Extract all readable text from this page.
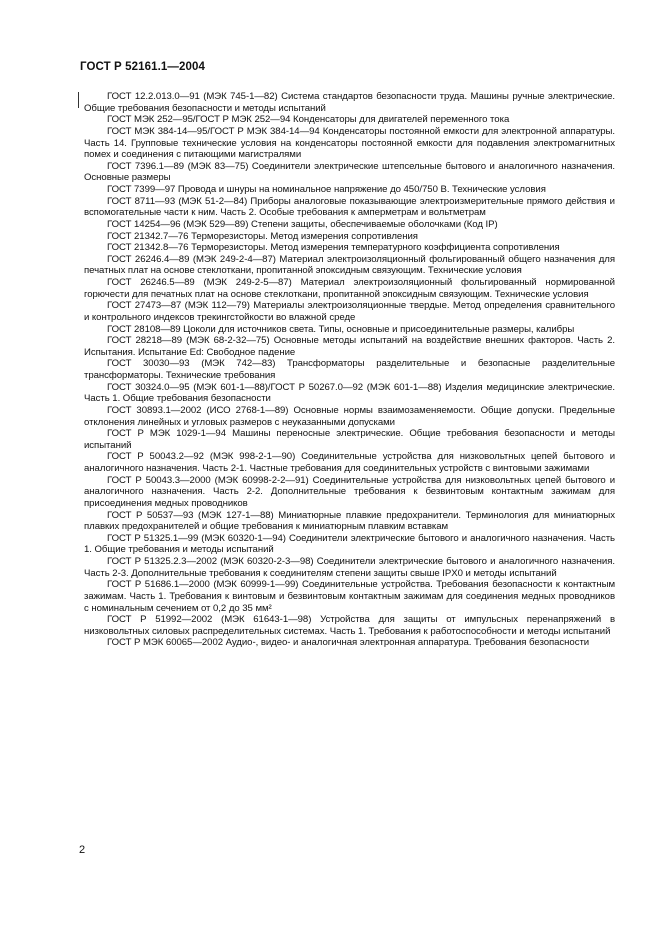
ГОСТ Р 52161.1—2004

ГОСТ 12.2.013.0—91 (МЭК 745-1—82) Система стандартов безопасности труда. Машины ручные электрические. Общие требования безопасности и методы испытаний

ГОСТ МЭК 252—95/ГОСТ Р МЭК 252—94 Конденсаторы для двигателей переменного тока

ГОСТ МЭК 384-14—95/ГОСТ Р МЭК 384-14—94 Конденсаторы постоянной емкости для электронной аппаратуры. Часть 14. Групповые технические условия на конденсаторы постоянной емкости для подавления электромагнитных помех и соединения с питающими магистралями

ГОСТ 7396.1—89 (МЭК 83—75) Соединители электрические штепсельные бытового и аналогичного назначения. Основные размеры

ГОСТ 7399—97 Провода и шнуры на номинальное напряжение до 450/750 В. Технические условия

ГОСТ 8711—93 (МЭК 51-2—84) Приборы аналоговые показывающие электроизмерительные прямого действия и вспомогательные части к ним. Часть 2. Особые требования к амперметрам и вольтметрам

ГОСТ 14254—96 (МЭК 529—89) Степени защиты, обеспечиваемые оболочками (Код IP)

ГОСТ 21342.7—76 Терморезисторы. Метод измерения сопротивления

ГОСТ 21342.8—76 Терморезисторы. Метод измерения температурного коэффициента сопротивления

ГОСТ 26246.4—89 (МЭК 249-2-4—87) Материал электроизоляционный фольгированный общего назначения для печатных плат на основе стеклоткани, пропитанной эпоксидным связующим. Технические условия

ГОСТ 26246.5—89 (МЭК 249-2-5—87) Материал электроизоляционный фольгированный нормированной горючести для печатных плат на основе стеклоткани, пропитанной эпоксидным связующим. Технические условия

ГОСТ 27473—87 (МЭК 112—79) Материалы электроизоляционные твердые. Метод определения сравнительного и контрольного индексов трекингстойкости во влажной среде

ГОСТ 28108—89 Цоколи для источников света. Типы, основные и присоединительные размеры, калибры

ГОСТ 28218—89 (МЭК 68-2-32—75) Основные методы испытаний на воздействие внешних факторов. Часть 2. Испытания. Испытание Ed: Свободное падение

ГОСТ 30030—93 (МЭК 742—83) Трансформаторы разделительные и безопасные разделительные трансформаторы. Технические требования

ГОСТ 30324.0—95 (МЭК 601-1—88)/ГОСТ Р 50267.0—92 (МЭК 601-1—88) Изделия медицинские электрические. Часть 1. Общие требования безопасности

ГОСТ 30893.1—2002 (ИСО 2768-1—89) Основные нормы взаимозаменяемости. Общие допуски. Предельные отклонения линейных и угловых размеров с неуказанными допусками

ГОСТ Р МЭК 1029-1—94 Машины переносные электрические. Общие требования безопасности и методы испытаний

ГОСТ Р 50043.2—92 (МЭК 998-2-1—90) Соединительные устройства для низковольтных цепей бытового и аналогичного назначения. Часть 2-1. Частные требования для соединительных устройств с винтовыми зажимами

ГОСТ Р 50043.3—2000 (МЭК 60998-2-2—91) Соединительные устройства для низковольтных цепей бытового и аналогичного назначения. Часть 2-2. Дополнительные требования к безвинтовым контактным зажимам для присоединения медных проводников

ГОСТ Р 50537—93 (МЭК 127-1—88) Миниатюрные плавкие предохранители. Терминология для миниатюрных плавких предохранителей и общие требования к миниатюрным плавким вставкам

ГОСТ Р 51325.1—99 (МЭК 60320-1—94) Соединители электрические бытового и аналогичного назначения. Часть 1. Общие требования и методы испытаний

ГОСТ Р 51325.2.3—2002 (МЭК 60320-2-3—98) Соединители электрические бытового и аналогичного назначения. Часть 2-3. Дополнительные требования к соединителям степени защиты свыше IPX0 и методы испытаний

ГОСТ Р 51686.1—2000 (МЭК 60999-1—99) Соединительные устройства. Требования безопасности к контактным зажимам. Часть 1. Требования к винтовым и безвинтовым контактным зажимам для соединения медных проводников с номинальным сечением от 0,2 до 35 мм²

ГОСТ Р 51992—2002 (МЭК 61643-1—98) Устройства для защиты от импульсных перенапряжений в низковольтных силовых распределительных системах. Часть 1. Требования к работоспособности и методы испытаний

ГОСТ Р МЭК 60065—2002 Аудио-, видео- и аналогичная электронная аппаратура. Требования безопасности

2
